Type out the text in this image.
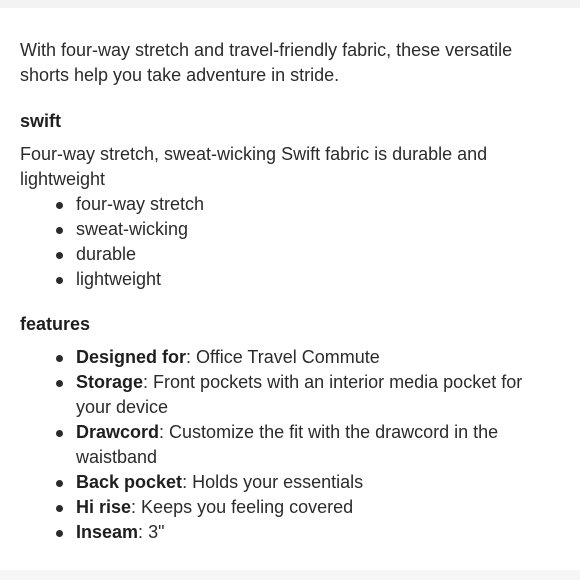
With four-way stretch and travel-friendly fabric, these versatile shorts help you take adventure in stride.

swift

Four-way stretch, sweat-wicking Swift fabric is durable and lightweight

four-way stretch
sweat-wicking
durable
lightweight
features
Designed for: Office Travel Commute
Storage: Front pockets with an interior media pocket for your device
Drawcord: Customize the fit with the drawcord in the waistband
Back pocket: Holds your essentials
Hi rise: Keeps you feeling covered
Inseam: 3"
